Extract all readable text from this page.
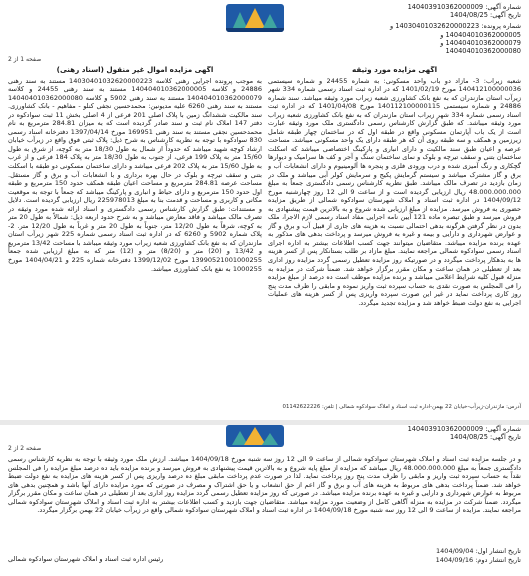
شماره آگهی: 140403910362000009
تاریخ آگهی: 1404/08/25
شماره پرونده: 14030401032620000223 و
140404010362000005 و
140404010362000079 و
140404010362000080
صفحه 1 از 2
آگهی مزایده مورد وثیقه

شعبه زیراب: 3- مازاد دو باب واحد مسکونی: به شماره 24455 و شماره سیستمی 140412100000036 مورخ 1401/02/19 که در اداره ثبت اسناد رسمی شماره 334 شهر زیرآب استان مازندران که به نفع بانک کشاورزی شعبه زیراب مورد وثیقه میباشد. سند شماره 24886 و شماره سیستمی 140112100000115 مورخ 1401/04/08 که در اداره ثبت اسناد رسمی شماره 334 شهر زیراب استان مازندران که به نفع بانک کشاورزی شعبه زیراب مورد وثیقه میباشد. که طبق گزارش کارشناس رسمی دادگستری ملک مورد وثیقه عبارت است از یک باب آپارتمان مسکونی واقع در طبقه اول که در ساختمان چهار طبقه شامل زیرزمین و همکف و سه طبقه روی آن که هر طبقه دارای یک واحد مسکونی میباشد. مساحت عرصه و اعیان طبق سند مالکیت و دارای انباری و پارکینگ اختصاصی میباشد که اسکلت ساختمان بتنی و سقف تیرچه و بلوک و نمای ساختمان سنگ و آجر و کف ها سرامیک و دیوارها گچکاری و رنگ آمیزی شده و درب ورودی فلزی و پنجره ها آلومینیوم و دارای انشعابات آب و برق و گاز مشترک میباشد و سیستم گرمایش پکیج و سرمایش کولر آبی میباشد و ملک در زمان بازدید در تصرف مالک میباشد. طبق نظریه کارشناس رسمی دادگستری جمعاً به مبلغ 48.000.000.000 ریال ارزیابی گردیده است و از ساعت 9 الی 12 روز چهارشنبه مورخ 1404/09/12 در اداره ثبت اسناد و املاک شهرستان سوادکوه شمالی از طریق مزایده حضوری به فروش میرسد. مزایده از مبلغ ارزیابی شده شروع و به بالاترین قیمت پیشنهادی به فروش میرسد و طبق تبصره ماده 121 آیین نامه اجرایی مفاد اسناد رسمی لازم الاجرا، ملک بدون در نظر گرفتن هرگونه بدهی احتمالی نسبت به هزینه های جاری از قبیل آب و برق و گاز و عوارض شهرداری و دارایی و بیمه و غیره به فروش میرسد و پرداخت بدهی های مذکور به عهده برنده مزایده میباشد. متقاضیان میتوانند جهت کسب اطلاعات بیشتر به اداره اجرای اسناد رسمی سوادکوه شمالی مراجعه نمایند. مبلغ مازاد بر طلب بستانکار پس از کسر هزینه ها به بدهکار پرداخت میگردد و در صورتیکه روز مزایده تعطیل رسمی گردد مزایده روز اداری بعد از تعطیلی در همان ساعت و مکان مقرر برگزار خواهد شد. ضمناً شرکت در مزایده به منزله قبول کلیه شرایط اعلامی میباشد و برنده مزایده موظف است ده درصد از مبلغ مزایده را فی المجلس به صورت نقدی به حساب سپرده ثبت واریز نموده و مابقی را ظرف مدت پنج روز کاری پرداخت نماید در غیر این صورت سپرده واریزی پس از کسر هزینه های عملیات اجرایی به نفع دولت ضبط خواهد شد و مزایده تجدید میگردد.

آگهی مزایده اموال غیر منقول (اسناد رهنی)

به موجب پرونده اجرایی رهنی کلاسه 14030401032620000223 مستند به سند رهنی 24886 و کلاسه 140404010362000005 مستند به سند رهنی 24455 و کلاسه 140404010362000079 مستند به سند رهنی 5902 و کلاسه 140404010362000080 مستند به سند رهنی 6260 علیه مدیونین: محمدحسین نجفی کنلو - مفاهیم - بانک کشاورزی. سند مالکیت ششدانگ زمین با پلاک اصلی 201 فرعی از 4 اصلی بخش 11 ثبت سوادکوه در دفتر 147 املاک نام ثبت و سند صادر گردیده است که به میزان 284.81 مترمربع به نام محمدحسین نجفی مستند به سند رهنی 169951 مورخ 1397/04/14 دفترخانه اسناد رسمی 830 سوادکوه با توجه به نظریه کارشناس به شرح ذیل: پلاک ثبتی فوق واقع در زیرآب خیابان ارشاد کوچه شهید میباشد که حدوداً از شمال به طول 18/30 متر به کوچه، از شرق به طول 15/60 متر به پلاک 199 فرعی، از جنوب به طول 18/30 متر به پلاک 184 فرعی و از غرب به طول 15/60 متر به پلاک 202 فرعی میباشد و دارای ساختمان مسکونی دو طبقه با اسکلت بتنی و سقف تیرچه و بلوک در حال بهره برداری و با انشعابات آب و برق و گاز مستقل. مساحت عرصه 284.81 مترمربع و مساحت اعیان طبقه همکف حدود 150 مترمربع و طبقه اول حدود 150 مترمربع و دارای حیاط و انباری و پارکینگ میباشد که جمعاً با توجه به موقعیت مکانی و کاربری و مساحت و قدمت بنا به مبلغ 225978013 ریال ارزیابی گردیده است. دلایل و مستندات: طبق گزارش کارشناس رسمی دادگستری و اسناد ارائه شده مورد وثیقه در تصرف مالک میباشد و فاقد معارض میباشد و به شرح حدود اربعه ذیل: شمالاً به طول 20 متر به کوچه، شرقاً به طول 12/20 متر، جنوباً به طول 20 متر و غرباً به طول 12/20 متر. 2- پلاک شماره 5902 و 6260 که در اداره ثبت اسناد رسمی شماره 225 شهر زیرآب استان مازندران که به نفع بانک کشاورزی شعبه زیراب مورد وثیقه میباشد با مساحت 13/42 مترمربع و 13/42 و (20) متر و (8/20) متر و (12) متر که به مبلغ ارزیابی شده جمعاً 13990521001000255 مورخ 1399/12/02 دفترخانه شماره 225 و 1404/04/21 مورخ 1000255 به نفع بانک کشاورزی میباشد.

آدرس: مازندران-زیرآب-خیابان 22 بهمن-اداره ثبت اسناد و املاک سوادکوه شمالی | تلفن: 01142622226
شماره آگهی: 140403910362000009
تاریخ آگهی: 1404/08/25
صفحه 2 از 2

و در جلسه مزایده ثبت اسناد و املاک شهرستان سوادکوه شمالی از ساعت 9 الی 12 روز سه شنبه مورخ 1404/09/18 میباشد. ارزش ملک مورد وثیقه با توجه به نظریه کارشناس رسمی دادگستری جمعاً به مبلغ 48.000.000.000 ریال میباشد که مزایده از مبلغ پایه شروع و به بالاترین قیمت پیشنهادی به فروش میرسد و برنده مزایده باید ده درصد مبلغ مزایده را فی المجلس نقداً به حساب سپرده ثبت واریز و مابقی را ظرف مدت پنج روز پرداخت نماید. لذا در صورت عدم پرداخت مابقی مبلغ ده درصد واریزی پس از کسر هزینه های مزایده به نفع دولت ضبط خواهد شد. ضمناً پرداخت بدهی های مربوط به هزینه های آب و برق و گاز اعم از حق انشعاب و یا حق اشتراک و مصرف در صورتی که مورد مزایده دارای آنها باشد و همچنین بدهی های مربوط به عوارض شهرداری و دارایی و غیره به عهده برنده مزایده میباشد. در صورتی که روز مزایده تعطیل رسمی گردد مزایده روز اداری بعد از تعطیلی در همان ساعت و مکان مقرر برگزار میگردد. ضمناً شرکت در مزایده به منزله آگاهی کامل از وضعیت مورد مزایده میباشد. متقاضیان جهت بازدید و کسب اطلاعات بیشتر به اداره ثبت اسناد و املاک شهرستان سوادکوه شمالی مراجعه نمایند. مزایده از ساعت 9 الی 12 روز سه شنبه مورخ 1404/09/18 در اداره ثبت اسناد و املاک شهرستان سوادکوه شمالی واقع در زیرآب خیابان 22 بهمن برگزار میگردد.

تاریخ انتشار اول: 1404/09/04
تاریخ انتشار دوم: 1404/09/16
رئیس اداره ثبت اسناد و املاک شهرستان سوادکوه شمالی
